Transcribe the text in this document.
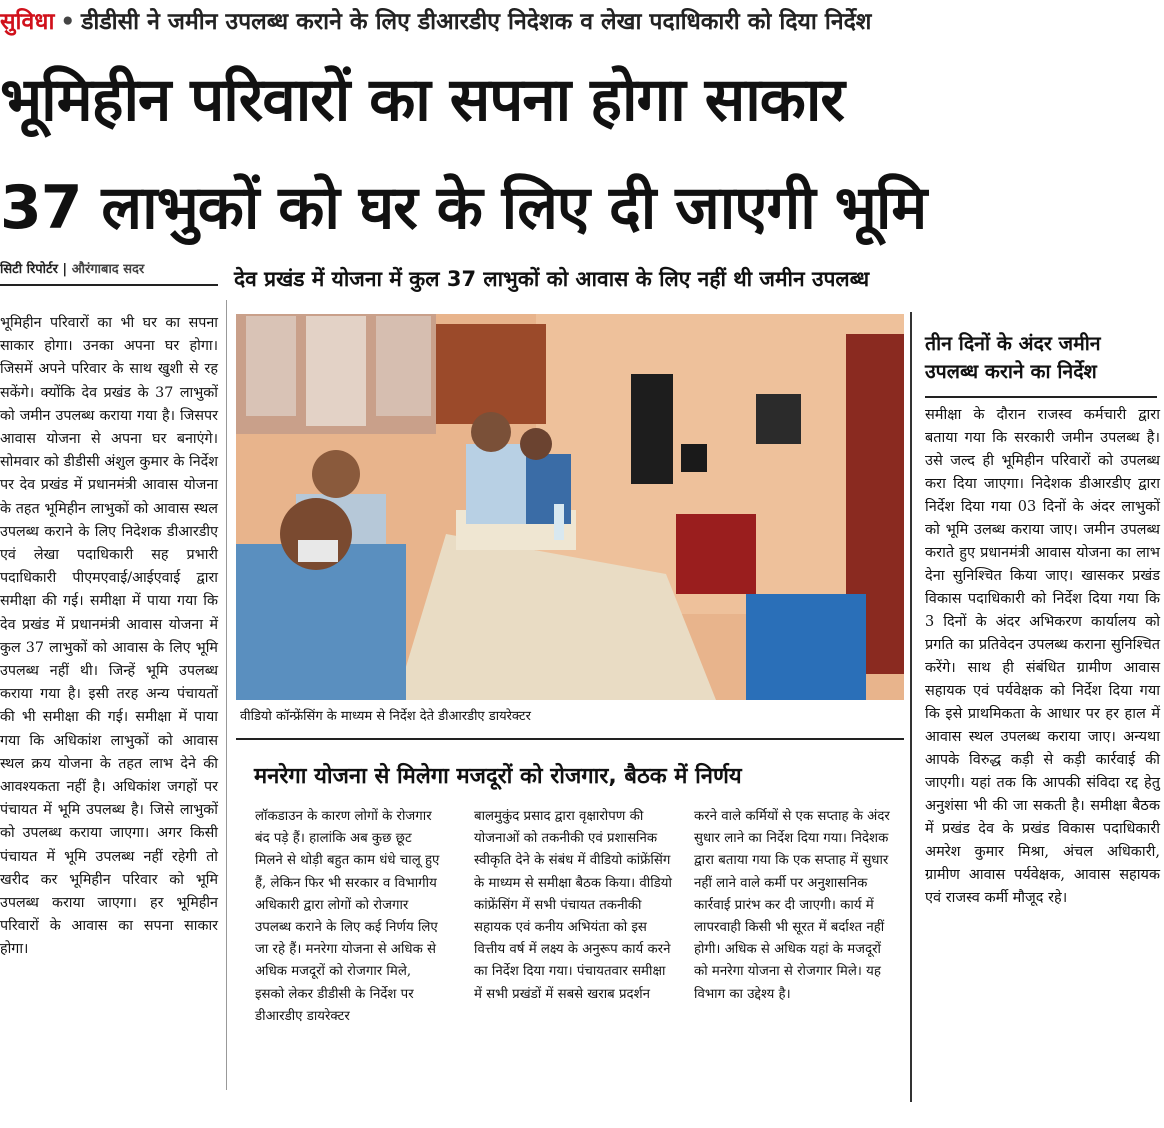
सुविधा • डीडीसी ने जमीन उपलब्ध कराने के लिए डीआरडीए निदेशक व लेखा पदाधिकारी को दिया निर्देश
भूमिहीन परिवारों का सपना होगा साकार
37 लाभुकों को घर के लिए दी जाएगी भूमि
सिटी रिपोर्टर | औरंगाबाद सदर	देव प्रखंड में योजना में कुल 37 लाभुकों को आवास के लिए नहीं थी जमीन उपलब्ध
भूमिहीन परिवारों का भी घर का सपना साकार होगा। उनका अपना घर होगा। जिसमें अपने परिवार के साथ खुशी से रह सकेंगे। क्योंकि देव प्रखंड के 37 लाभुकों को जमीन उपलब्ध कराया गया है। जिसपर आवास योजना से अपना घर बनाएंगे। सोमवार को डीडीसी अंशुल कुमार के निर्देश पर देव प्रखंड में प्रधानमंत्री आवास योजना के तहत भूमिहीन लाभुकों को आवास स्थल उपलब्ध कराने के लिए निदेशक डीआरडीए एवं लेखा पदाधिकारी सह प्रभारी पदाधिकारी पीएमएवाई/आईएवाई द्वारा समीक्षा की गई। समीक्षा में पाया गया कि देव प्रखंड में प्रधानमंत्री आवास योजना में कुल 37 लाभुकों को आवास के लिए भूमि उपलब्ध नहीं थी। जिन्हें भूमि उपलब्ध कराया गया है। इसी तरह अन्य पंचायतों की भी समीक्षा की गई। समीक्षा में पाया गया कि अधिकांश लाभुकों को आवास स्थल क्रय योजना के तहत लाभ देने की आवश्यकता नहीं है। अधिकांश जगहों पर पंचायत में भूमि उपलब्ध है। जिसे लाभुकों को उपलब्ध कराया जाएगा। अगर किसी पंचायत में भूमि उपलब्ध नहीं रहेगी तो खरीद कर भूमिहीन परिवार को भूमि उपलब्ध कराया जाएगा। हर भूमिहीन परिवारों के आवास का सपना साकार होगा।
वीडियो कॉन्फ्रेंसिंग के माध्यम से निर्देश देते डीआरडीए डायरेक्टर
तीन दिनों के अंदर जमीन उपलब्ध कराने का निर्देश
समीक्षा के दौरान राजस्व कर्मचारी द्वारा बताया गया कि सरकारी जमीन उपलब्ध है। उसे जल्द ही भूमिहीन परिवारों को उपलब्ध करा दिया जाएगा। निदेशक डीआरडीए द्वारा निर्देश दिया गया 03 दिनों के अंदर लाभुकों को भूमि उलब्ध कराया जाए। जमीन उपलब्ध कराते हुए प्रधानमंत्री आवास योजना का लाभ देना सुनिश्चित किया जाए। खासकर प्रखंड विकास पदाधिकारी को निर्देश दिया गया कि 3 दिनों के अंदर अभिकरण कार्यालय को प्रगति का प्रतिवेदन उपलब्ध कराना सुनिश्चित करेंगे। साथ ही संबंधित ग्रामीण आवास सहायक एवं पर्यवेक्षक को निर्देश दिया गया कि इसे प्राथमिकता के आधार पर हर हाल में आवास स्थल उपलब्ध कराया जाए। अन्यथा आपके विरुद्ध कड़ी से कड़ी कार्रवाई की जाएगी। यहां तक कि आपकी संविदा रद्द हेतु अनुशंसा भी की जा सकती है। समीक्षा बैठक में प्रखंड देव के प्रखंड विकास पदाधिकारी अमरेश कुमार मिश्रा, अंचल अधिकारी, ग्रामीण आवास पर्यवेक्षक, आवास सहायक एवं राजस्व कर्मी मौजूद रहे।
मनरेगा योजना से मिलेगा मजदूरों को रोजगार, बैठक में निर्णय
लॉकडाउन के कारण लोगों के रोजगार बंद पड़े हैं। हालांकि अब कुछ छूट मिलने से थोड़ी बहुत काम धंधे चालू हुए हैं, लेकिन फिर भी सरकार व विभागीय अधिकारी द्वारा लोगों को रोजगार उपलब्ध कराने के लिए कई निर्णय लिए जा रहे हैं। मनरेगा योजना से अधिक से अधिक मजदूरों को रोजगार मिले, इसको लेकर डीडीसी के निर्देश पर डीआरडीए डायरेक्टर
बालमुकुंद प्रसाद द्वारा वृक्षारोपण की योजनाओं को तकनीकी एवं प्रशासनिक स्वीकृति देने के संबंध में वीडियो कांफ्रेंसिंग के माध्यम से समीक्षा बैठक किया। वीडियो कांफ्रेंसिंग में सभी पंचायत तकनीकी सहायक एवं कनीय अभियंता को इस वित्तीय वर्ष में लक्ष्य के अनुरूप कार्य करने का निर्देश दिया गया। पंचायतवार समीक्षा में सभी प्रखंडों में सबसे खराब प्रदर्शन
करने वाले कर्मियों से एक सप्ताह के अंदर सुधार लाने का निर्देश दिया गया। निदेशक द्वारा बताया गया कि एक सप्ताह में सुधार नहीं लाने वाले कर्मी पर अनुशासनिक कार्रवाई प्रारंभ कर दी जाएगी। कार्य में लापरवाही किसी भी सूरत में बर्दाश्त नहीं होगी। अधिक से अधिक यहां के मजदूरों को मनरेगा योजना से रोजगार मिले। यह विभाग का उद्देश्य है।
